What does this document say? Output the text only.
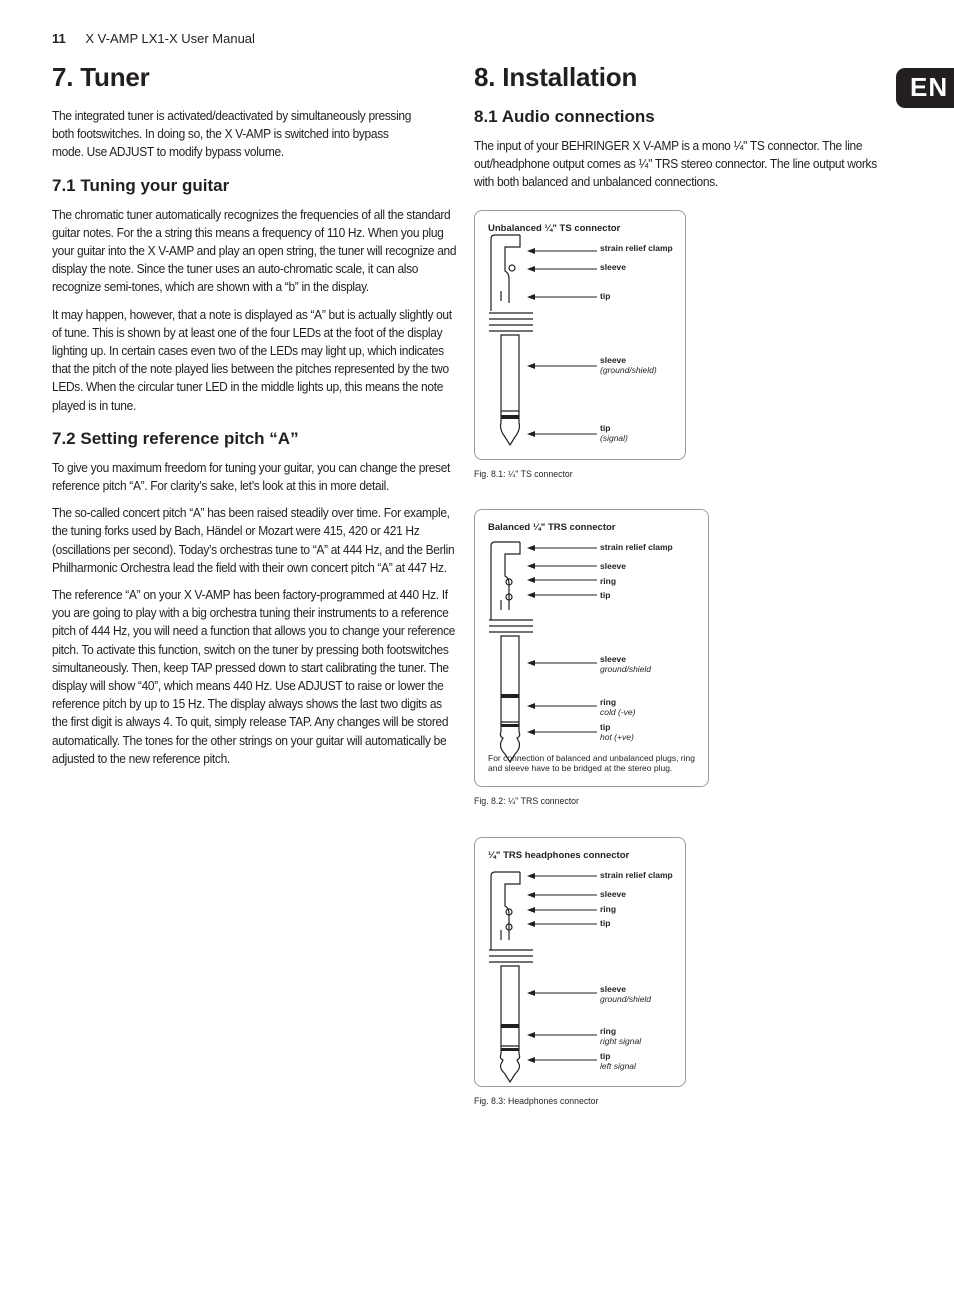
11 X V-AMP LX1-X User Manual
EN
7. Tuner

The integrated tuner is activated/deactivated by simultaneously pressing both footswitches. In doing so, the X V-AMP is switched into bypass mode. Use ADJUST to modify bypass volume.

7.1 Tuning your guitar

The chromatic tuner automatically recognizes the frequencies of all the standard guitar notes. For the a string this means a frequency of 110 Hz. When you plug your guitar into the X V-AMP and play an open string, the tuner will recognize and display the note. Since the tuner uses an auto-chromatic scale, it can also recognize semi-tones, which are shown with a “b” in the display.

It may happen, however, that a note is displayed as “A” but is actually slightly out of tune. This is shown by at least one of the four LEDs at the foot of the display lighting up. In certain cases even two of the LEDs may light up, which indicates that the pitch of the note played lies between the pitches represented by the two LEDs. When the circular tuner LED in the middle lights up, this means the note played is in tune.

7.2 Setting reference pitch “A”

To give you maximum freedom for tuning your guitar, you can change the preset reference pitch “A”. For clarity’s sake, let’s look at this in more detail.

The so-called concert pitch “A” has been raised steadily over time. For example, the tuning forks used by Bach, Händel or Mozart were 415, 420 or 421 Hz (oscillations per second). Today’s orchestras tune to “A” at 444 Hz, and the Berlin Philharmonic Orchestra lead the field with their own concert pitch “A” at 447 Hz.

The reference “A” on your X V-AMP has been factory-programmed at 440 Hz. If you are going to play with a big orchestra tuning their instruments to a reference pitch of 444 Hz, you will need a function that allows you to change your reference pitch. To activate this function, switch on the tuner by pressing both footswitches simultaneously. Then, keep TAP pressed down to start calibrating the tuner. The display will show “40”, which means 440 Hz. Use ADJUST to raise or lower the reference pitch by up to 15 Hz. The display always shows the last two digits as the first digit is always 4. To quit, simply release TAP. Any changes will be stored automatically. The tones for the other strings on your guitar will automatically be adjusted to the new reference pitch.

8. Installation
8.1 Audio connections

The input of your BEHRINGER X V-AMP is a mono ¼" TS connector. The line out/headphone output comes as ¼" TRS stereo connector. The line output works with both balanced and unbalanced connections.

Unbalanced ¼" TS connector
strain relief clamp
sleeve
tip
sleeve
(ground/shield)
tip
(signal)
Fig. 8.1: ¼" TS connector
Balanced ¼" TRS connector
strain relief clamp
sleeve
ring
tip
sleeve
ground/shield
ring
cold (-ve)
tip
hot (+ve)
For connection of balanced and unbalanced plugs, ring and sleeve have to be bridged at the stereo plug.
Fig. 8.2: ¼" TRS connector
¼" TRS headphones connector
strain relief clamp
sleeve
ring
tip
sleeve
ground/shield
ring
right signal
tip
left signal
Fig. 8.3: Headphones connector
